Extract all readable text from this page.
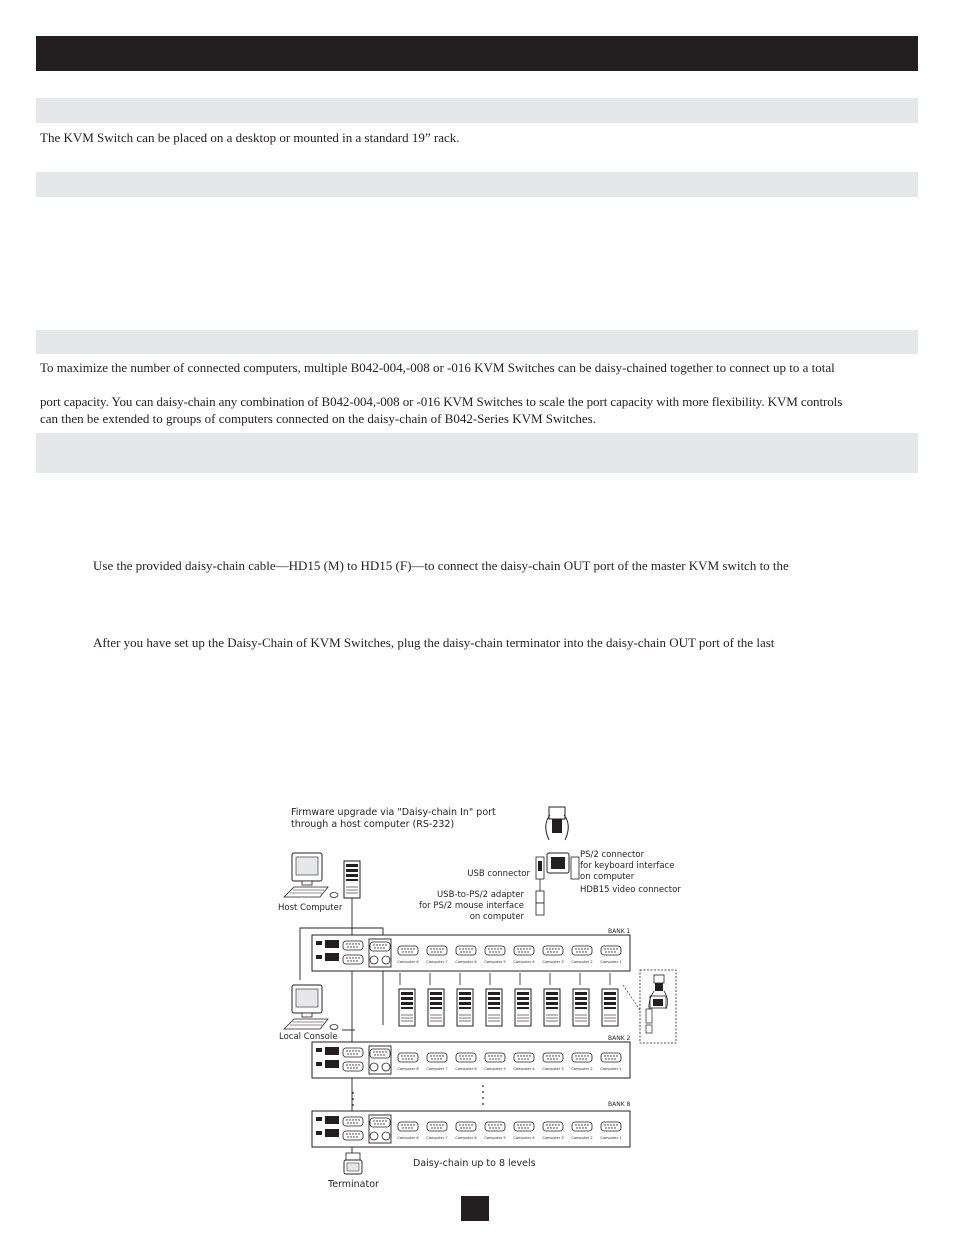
The KVM Switch can be placed on a desktop or mounted in a standard 19” rack.

To maximize the number of connected computers, multiple B042-004,-008 or -016 KVM Switches can be daisy-chained together to connect up to a total

port capacity. You can daisy-chain any combination of B042-004,-008 or -016 KVM Switches to scale the port capacity with more flexibility. KVM controls

can then be extended to groups of computers connected on the daisy-chain of B042-Series KVM Switches.

Use the provided daisy-chain cable—HD15 (M) to HD15 (F)—to connect the daisy-chain OUT port of the master KVM switch to the

After you have set up the Daisy-Chain of KVM Switches, plug the daisy-chain terminator into the daisy-chain OUT port of the last

Firmware upgrade via "Daisy-chain In" port
through a host computer (RS-232)
USB connector
PS/2 connector
for keyboard interface
on computer
USB-to-PS/2 adapter
for PS/2 mouse interface
on computer
HDB15 video connector
Host Computer
Local Console
Terminator
Daisy-chain up to 8 levels
BANK 1
BANK 2
BANK 8
Computer 8 Computer 7 Computer 6 Computer 5 Computer 4 Computer 3 Computer 2 Computer 1
Computer 8 Computer 7 Computer 6 Computer 5 Computer 4 Computer 3 Computer 2 Computer 1
Computer 8 Computer 7 Computer 6 Computer 5 Computer 4 Computer 3 Computer 2 Computer 1
